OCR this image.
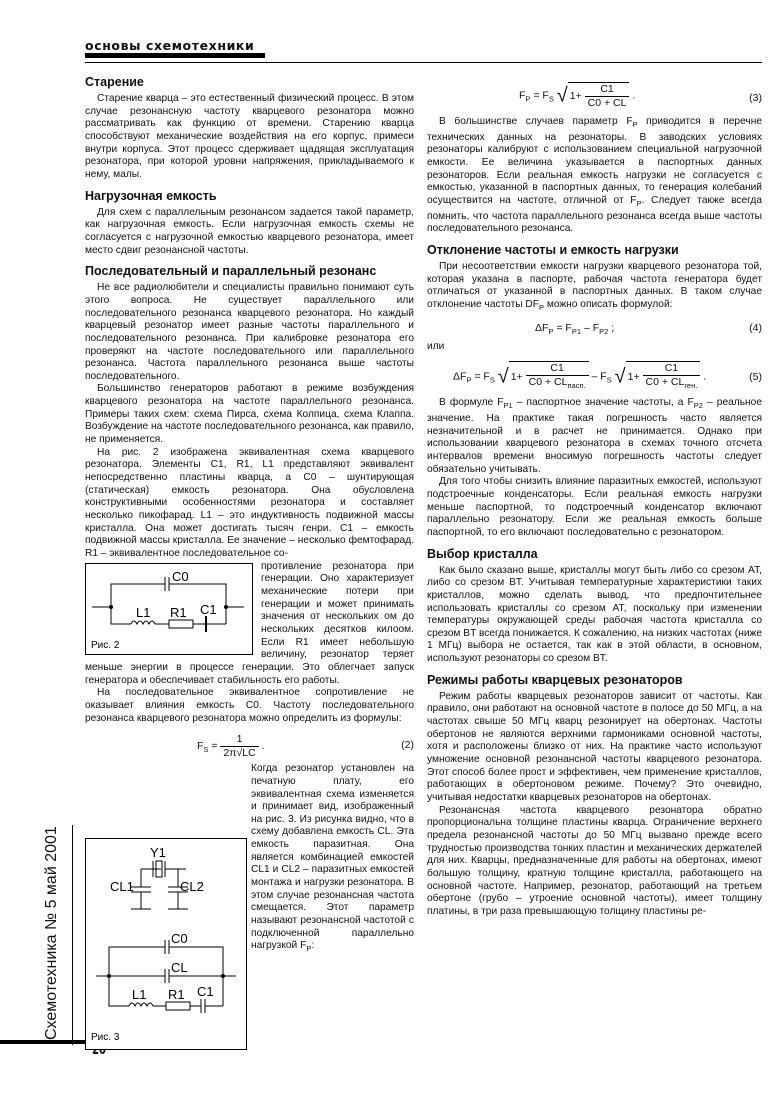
основы схемотехники
Схемотехника № 5 май 2001
Старение

Старение кварца – это естественный физический процесс. В этом случае резонансную частоту кварцевого резонатора можно рассматривать как функцию от времени. Старению кварца способствуют механические воздействия на его корпус, примеси внутри корпуса. Этот процесс сдерживает щадящая эксплуатация резонатора, при которой уровни напряжения, прикладываемого к нему, малы.

Нагрузочная емкость

Для схем с параллельным резонансом задается такой параметр, как нагрузочная емкость. Если нагрузочная емкость схемы не согласуется с нагрузочной емкостью кварцевого резонатора, имеет место сдвиг резонансной частоты.

Последовательный и параллельный резонанс

Не все радиолюбители и специалисты правильно понимают суть этого вопроса. Не существует параллельного или последовательного резонанса кварцевого резонатора. Но каждый кварцевый резонатор имеет разные частоты параллельного и последовательного резонанса. При калибровке резонатора его проверяют на частоте последовательного или параллельного резонанса. Частота параллельного резонанса выше частоты последовательного.

Большинство генераторов работают в режиме возбуждения кварцевого резонатора на частоте параллельного резонанса. Примеры таких схем: схема Пирса, схема Колпица, схема Клаппа. Возбуждение на частоте последовательного резонанса, как правило, не применяется.

На рис. 2 изображена эквивалентная схема кварцевого резонатора. Элементы C1, R1, L1 представляют эквивалент непосредственно пластины кварца, а C0 – шунтирующая (статическая) емкость резонатора. Она обусловлена конструктивными особенностями резонатора и составляет несколько пикофарад. L1 – это индуктивность подвижной массы кристалла. Она может достигать тысяч генри. C1 – емкость подвижной массы кристалла. Ее значение – несколько фемтофарад. R1 – эквивалентное последовательное со-

C0
L1 R1 C1
Рис. 2

противление резонатора при генерации. Оно характеризует механические потери при генерации и может принимать значения от нескольких ом до нескольких десятков килоом. Если R1 имеет небольшую величину, резонатор теряет меньше энергии в процессе генерации. Это облегчает запуск генератора и обеспечивает стабильность его работы.

На последовательное эквивалентное сопротивление не оказывает влияния емкость C0. Частоту последовательного резонанса кварцевого резонатора можно определить из формулы:

$F_S = \frac{1}{2\pi√LC}$ .	(2)

Когда резонатор установлен на печатную плату, его эквивалентная схема изменяется и принимает вид, изображенный на рис. 3. Из рисунка видно, что в схему добавлена емкость CL. Эта емкость паразитная. Она является комбинацией емкостей CL1 и CL2 – паразитных емкостей монтажа и нагрузки резонатора. В этом случае резонансная частота смещается. Этот параметр называют резонансной частотой с подключенной параллельно нагрузкой $F_P$:

Y1
CL1	CL2
C0
CL
L1 R1 C1
Рис. 3
$F_P = F_S$ √ $1+ \frac{C1}{C0 + CL}$ .	(3)

В большинстве случаев параметр $F_P$ приводится в перечне технических данных на резонаторы. В заводских условиях резонаторы калибруют с использованием специальной нагрузочной емкости. Ее величина указывается в паспортных данных резонаторов. Если реальная емкость нагрузки не согласуется с емкостью, указанной в паспортных данных, то генерация колебаний осуществится на частоте, отличной от $F_P$. Следует также всегда помнить, что частота параллельного резонанса всегда выше частоты последовательного резонанса.

Отклонение частоты и емкость нагрузки

При несоответствии емкости нагрузки кварцевого резонатора той, которая указана в паспорте, рабочая частота генератора будет отличаться от указанной в паспортных данных. В таком случае отклонение частоты $DF_P$ можно описать формулой:

$\Delta F_P = F_{P1} - F_{P2}$ ;	(4)
или
$\Delta F_P = F_S$ √ $1+ \frac{C1}{C0 + CL_{пасп.}} - F_S$ √ $1+ \frac{C1}{C0 + CL_{ген.}}$ .	(5)

В формуле $F_{P1}$ – паспортное значение частоты, а $F_{P2}$ – реальное значение. На практике такая погрешность часто является незначительной и в расчет не принимается. Однако при использовании кварцевого резонатора в схемах точного отсчета интервалов времени вносимую погрешность частоты следует обязательно учитывать.

Для того чтобы снизить влияние паразитных емкостей, используют подстроечные конденсаторы. Если реальная емкость нагрузки меньше паспортной, то подстроечный конденсатор включают параллельно резонатору. Если же реальная емкость больше паспортной, то его включают последовательно с резонатором.

Выбор кристалла

Как было сказано выше, кристаллы могут быть либо со срезом AT, либо со срезом BT. Учитывая температурные характеристики таких кристаллов, можно сделать вывод, что предпочтительнее использовать кристаллы со срезом AT, поскольку при изменении температуры окружающей среды рабочая частота кристалла со срезом BT всегда понижается. К сожалению, на низких частотах (ниже 1 МГц) выбора не остается, так как в этой области, в основном, используют резонаторы со срезом BT.

Режимы работы кварцевых резонаторов

Режим работы кварцевых резонаторов зависит от частоты. Как правило, они работают на основной частоте в полосе до 50 МГц, а на частотах свыше 50 МГц кварц резонирует на обертонах. Частоты обертонов не являются верхними гармониками основной частоты, хотя и расположены близко от них. На практике часто используют умножение основной резонансной частоты кварцевого резонатора. Этот способ более прост и эффективен, чем применение кристаллов, работающих в обертоновом режиме. Почему? Это очевидно, учитывая недостатки кварцевых резонаторов на обертонах.

Резонансная частота кварцевого резонатора обратно пропорциональна толщине пластины кварца. Ограничение верхнего предела резонансной частоты до 50 МГц вызвано прежде всего трудностью производства тонких пластин и механических держателей для них. Кварцы, предназначенные для работы на обертонах, имеют большую толщину, кратную толщине кристалла, работающего на основной частоте. Например, резонатор, работающий на третьем обертоне (грубо – утроение основной частоты), имеет толщину платины, в три раза превышающую толщину пластины ре-
